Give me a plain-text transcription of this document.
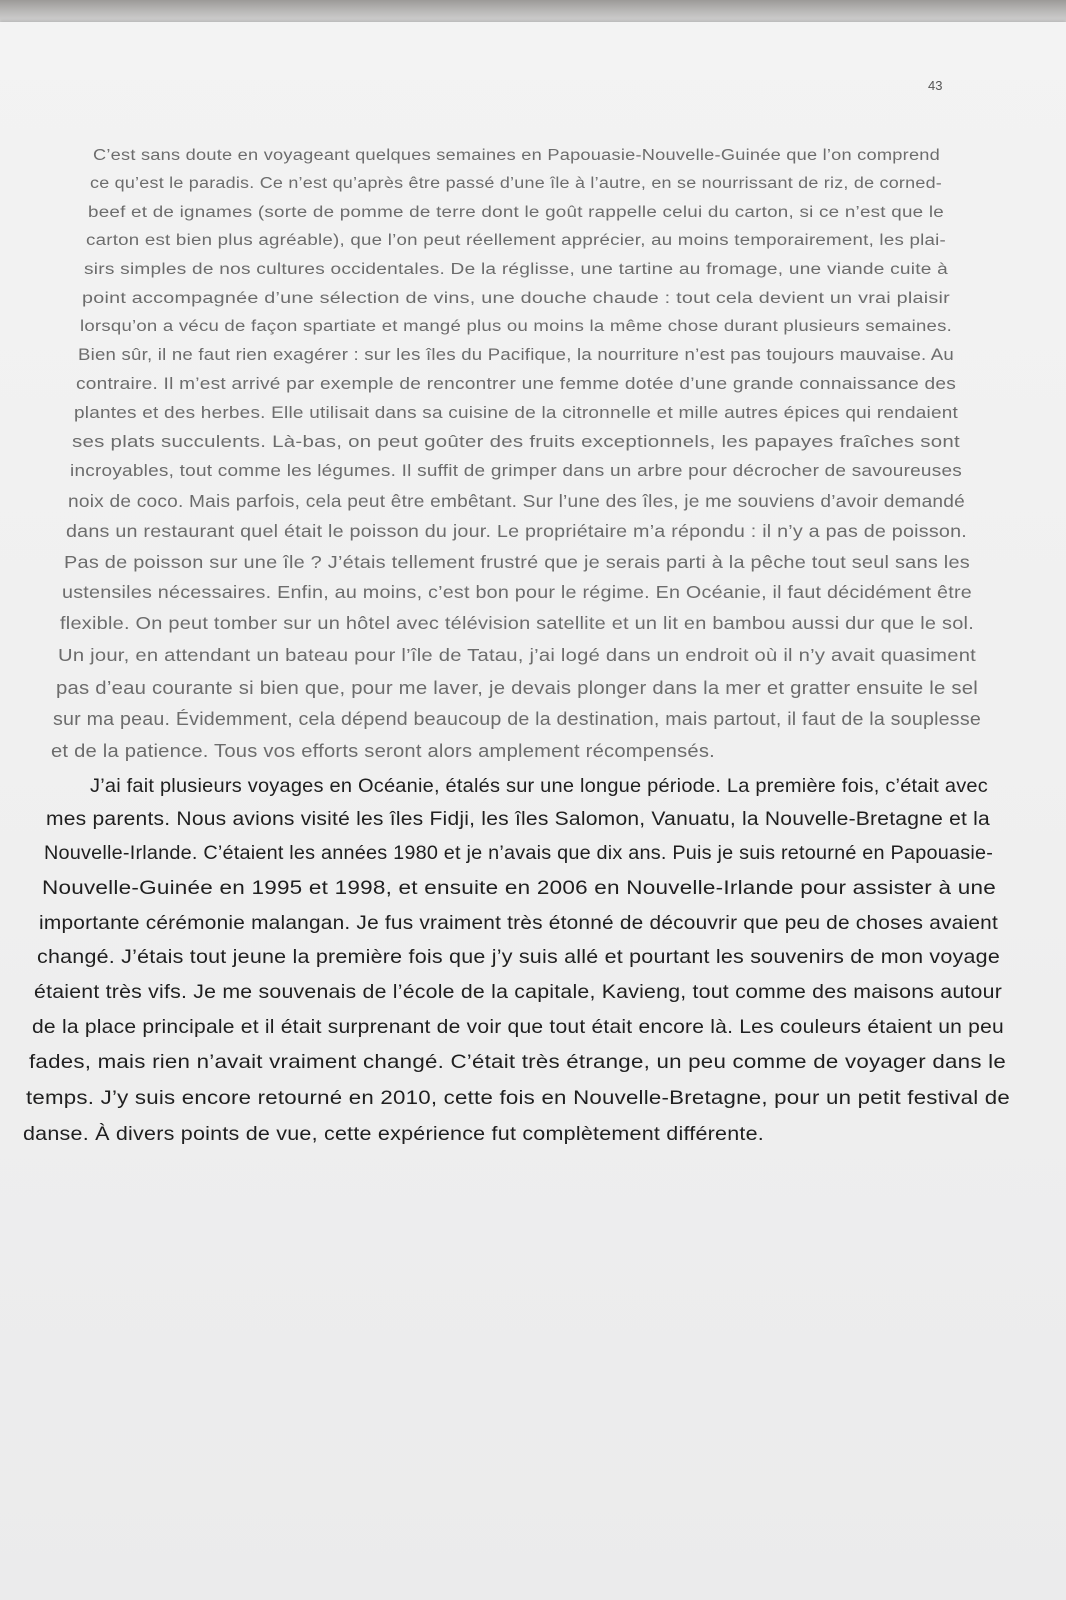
43
C’est sans doute en voyageant quelques semaines en Papouasie-Nouvelle-Guinée que l’on comprend
ce qu’est le paradis. Ce n’est qu’après être passé d’une île à l’autre, en se nourrissant de riz, de corned-
beef et de ignames (sorte de pomme de terre dont le goût rappelle celui du carton, si ce n’est que le
carton est bien plus agréable), que l’on peut réellement apprécier, au moins temporairement, les plai-
sirs simples de nos cultures occidentales. De la réglisse, une tartine au fromage, une viande cuite à
point accompagnée d’une sélection de vins, une douche chaude : tout cela devient un vrai plaisir
lorsqu’on a vécu de façon spartiate et mangé plus ou moins la même chose durant plusieurs semaines.
Bien sûr, il ne faut rien exagérer : sur les îles du Pacifique, la nourriture n’est pas toujours mauvaise. Au
contraire. Il m’est arrivé par exemple de rencontrer une femme dotée d’une grande connaissance des
plantes et des herbes. Elle utilisait dans sa cuisine de la citronnelle et mille autres épices qui rendaient
ses plats succulents. Là-bas, on peut goûter des fruits exceptionnels, les papayes fraîches sont
incroyables, tout comme les légumes. Il suffit de grimper dans un arbre pour décrocher de savoureuses
noix de coco. Mais parfois, cela peut être embêtant. Sur l’une des îles, je me souviens d’avoir demandé
dans un restaurant quel était le poisson du jour. Le propriétaire m’a répondu : il n’y a pas de poisson.
Pas de poisson sur une île ? J’étais tellement frustré que je serais parti à la pêche tout seul sans les
ustensiles nécessaires. Enfin, au moins, c’est bon pour le régime. En Océanie, il faut décidément être
flexible. On peut tomber sur un hôtel avec télévision satellite et un lit en bambou aussi dur que le sol.
Un jour, en attendant un bateau pour l’île de Tatau, j’ai logé dans un endroit où il n’y avait quasiment
pas d’eau courante si bien que, pour me laver, je devais plonger dans la mer et gratter ensuite le sel
sur ma peau. Évidemment, cela dépend beaucoup de la destination, mais partout, il faut de la souplesse
et de la patience. Tous vos efforts seront alors amplement récompensés.
J’ai fait plusieurs voyages en Océanie, étalés sur une longue période. La première fois, c’était avec
mes parents. Nous avions visité les îles Fidji, les îles Salomon, Vanuatu, la Nouvelle-Bretagne et la
Nouvelle-Irlande. C’étaient les années 1980 et je n’avais que dix ans. Puis je suis retourné en Papouasie-
Nouvelle-Guinée en 1995 et 1998, et ensuite en 2006 en Nouvelle-Irlande pour assister à une
importante cérémonie malangan. Je fus vraiment très étonné de découvrir que peu de choses avaient
changé. J’étais tout jeune la première fois que j’y suis allé et pourtant les souvenirs de mon voyage
étaient très vifs. Je me souvenais de l’école de la capitale, Kavieng, tout comme des maisons autour
de la place principale et il était surprenant de voir que tout était encore là. Les couleurs étaient un peu
fades, mais rien n’avait vraiment changé. C’était très étrange, un peu comme de voyager dans le
temps. J’y suis encore retourné en 2010, cette fois en Nouvelle-Bretagne, pour un petit festival de
danse. À divers points de vue, cette expérience fut complètement différente.
